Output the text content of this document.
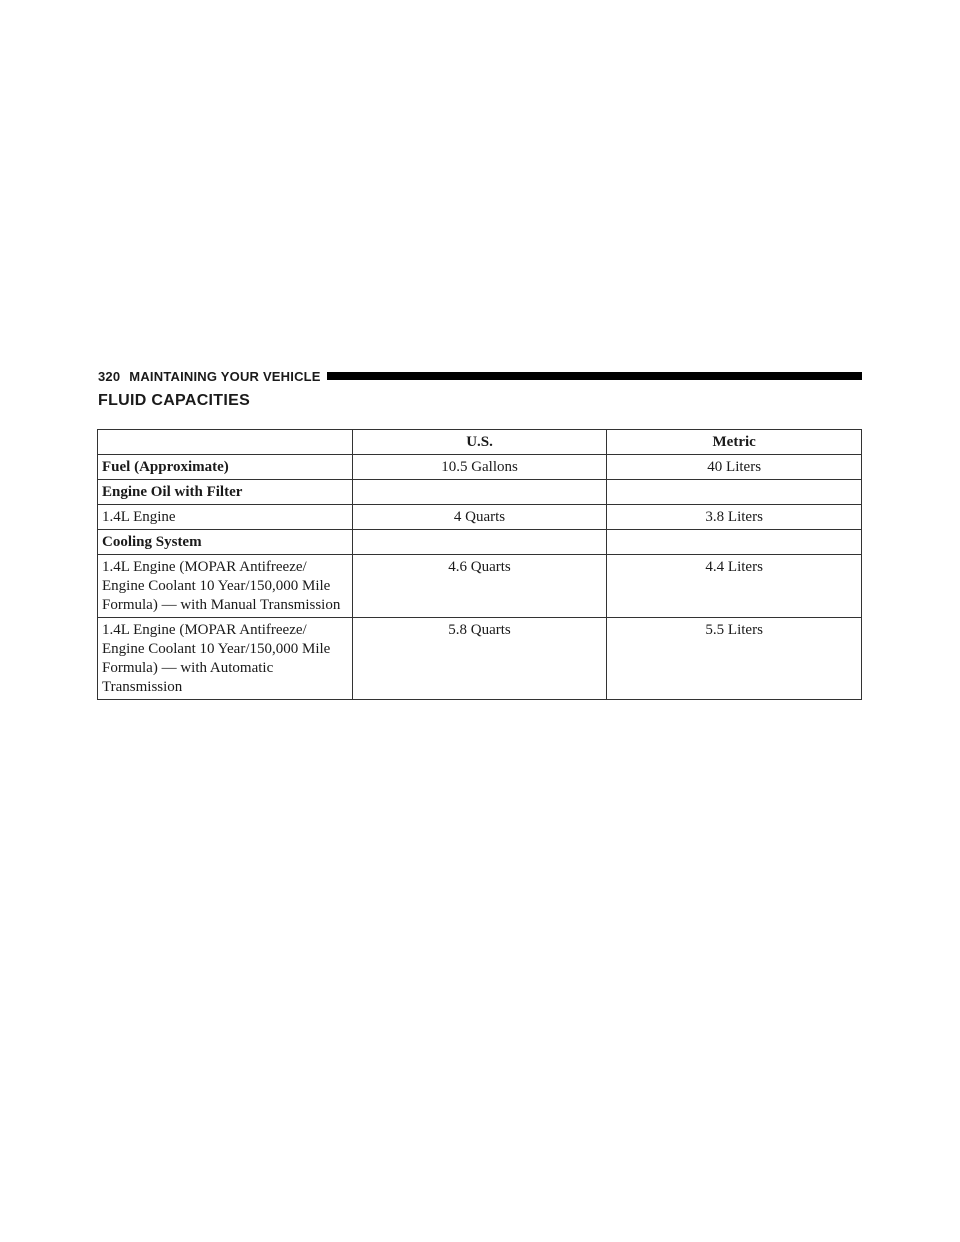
320 MAINTAINING YOUR VEHICLE
FLUID CAPACITIES
	U.S.	Metric
Fuel (Approximate)	10.5 Gallons	40 Liters
Engine Oil with Filter		
1.4L Engine	4 Quarts	3.8 Liters
Cooling System		
1.4L Engine (MOPAR Antifreeze/ Engine Coolant 10 Year/150,000 Mile Formula) — with Manual Transmission	4.6 Quarts	4.4 Liters
1.4L Engine (MOPAR Antifreeze/ Engine Coolant 10 Year/150,000 Mile Formula) — with Automatic Transmission	5.8 Quarts	5.5 Liters
